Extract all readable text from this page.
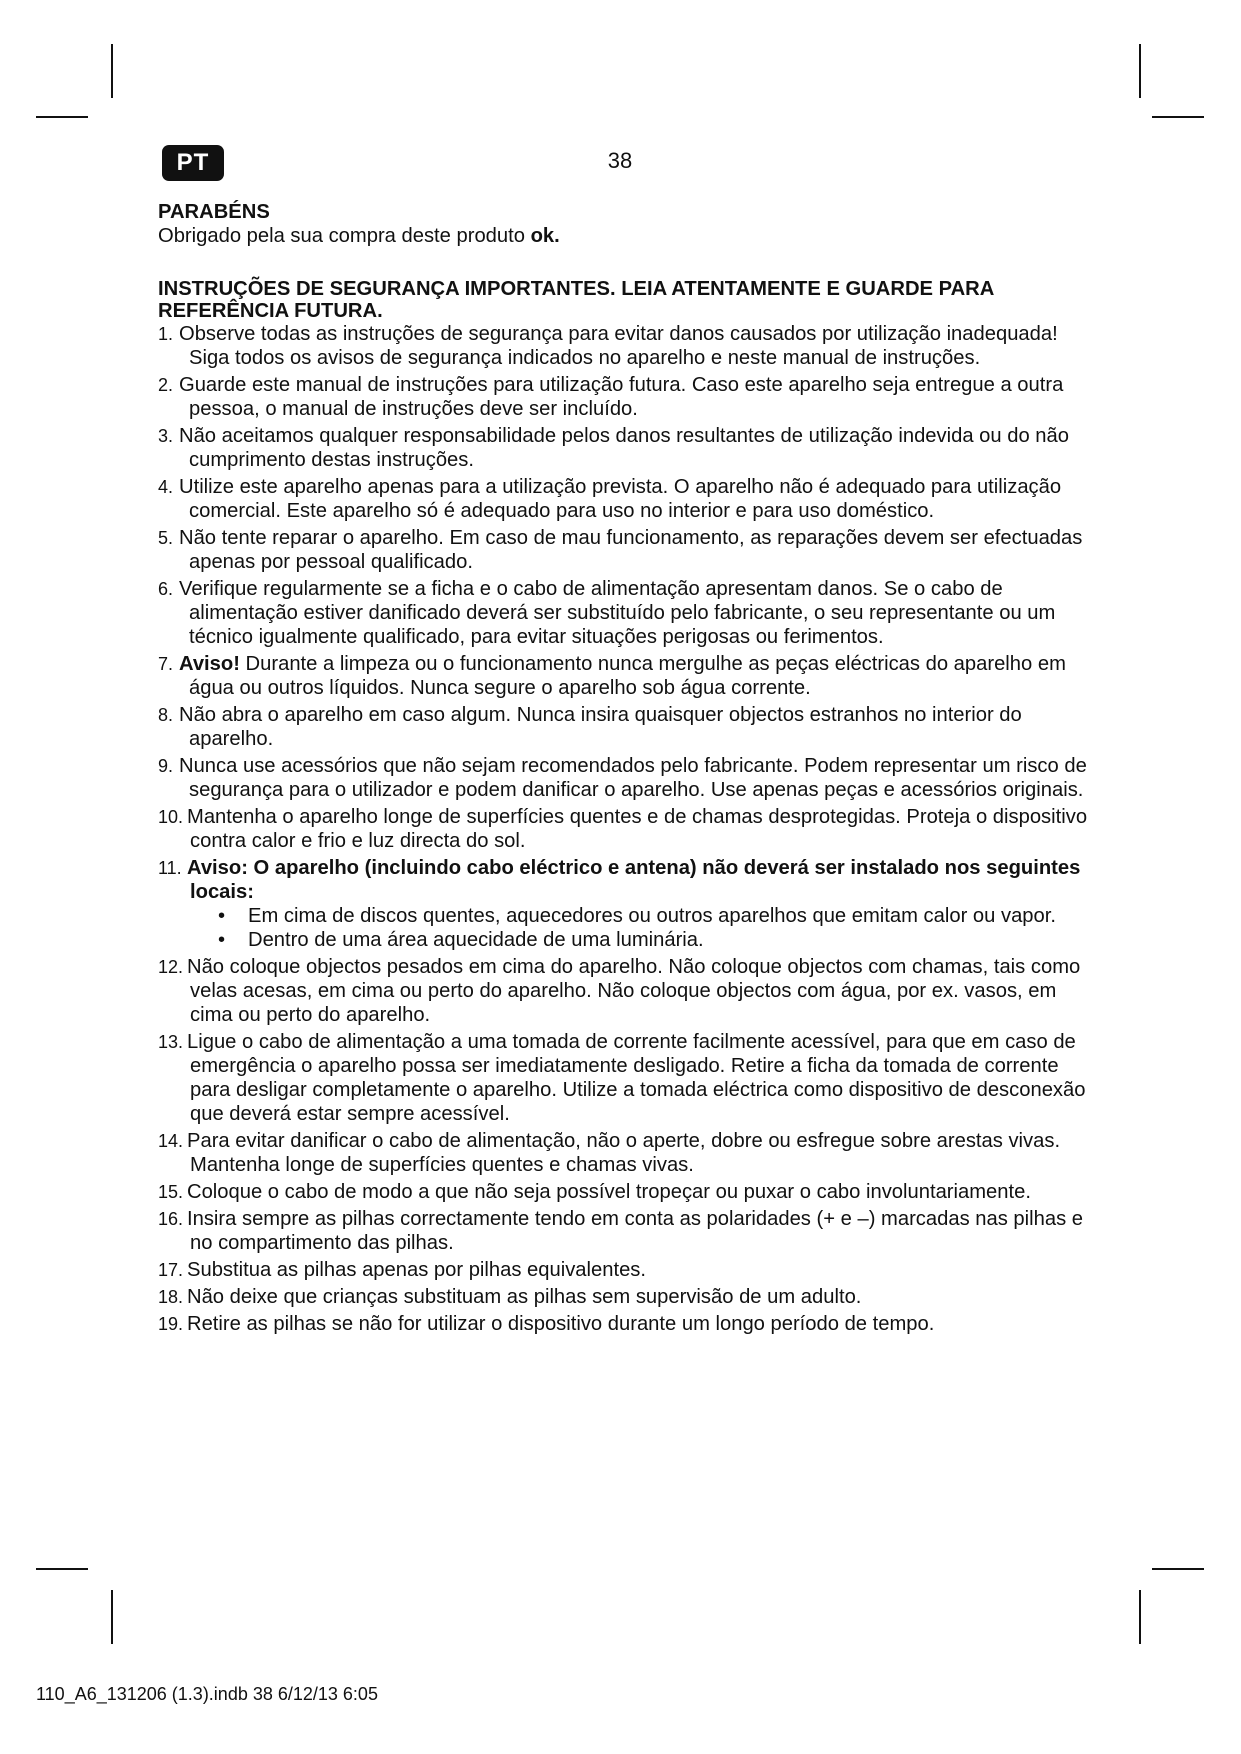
PT	38
PARABÉNS
Obrigado pela sua compra deste produto ok.
INSTRUÇÕES DE SEGURANÇA IMPORTANTES. LEIA ATENTAMENTE E GUARDE PARA REFERÊNCIA FUTURA.
1. Observe todas as instruções de segurança para evitar danos causados por utilização inadequada! Siga todos os avisos de segurança indicados no aparelho e neste manual de instruções.
2. Guarde este manual de instruções para utilização futura. Caso este aparelho seja entregue a outra pessoa, o manual de instruções deve ser incluído.
3. Não aceitamos qualquer responsabilidade pelos danos resultantes de utilização indevida ou do não cumprimento destas instruções.
4. Utilize este aparelho apenas para a utilização prevista. O aparelho não é adequado para utilização comercial. Este aparelho só é adequado para uso no interior e para uso doméstico.
5. Não tente reparar o aparelho. Em caso de mau funcionamento, as reparações devem ser efectuadas apenas por pessoal qualificado.
6. Verifique regularmente se a ficha e o cabo de alimentação apresentam danos. Se o cabo de alimentação estiver danificado deverá ser substituído pelo fabricante, o seu representante ou um técnico igualmente qualificado, para evitar situações perigosas ou ferimentos.
7. Aviso! Durante a limpeza ou o funcionamento nunca mergulhe as peças eléctricas do aparelho em água ou outros líquidos. Nunca segure o aparelho sob água corrente.
8. Não abra o aparelho em caso algum. Nunca insira quaisquer objectos estranhos no interior do aparelho.
9. Nunca use acessórios que não sejam recomendados pelo fabricante. Podem representar um risco de segurança para o utilizador e podem danificar o aparelho. Use apenas peças e acessórios originais.
10. Mantenha o aparelho longe de superfícies quentes e de chamas desprotegidas. Proteja o dispositivo contra calor e frio e luz directa do sol.
11. Aviso: O aparelho (incluindo cabo eléctrico e antena) não deverá ser instalado nos seguintes locais:
• Em cima de discos quentes, aquecedores ou outros aparelhos que emitam calor ou vapor.
• Dentro de uma área aquecidade de uma luminária.
12. Não coloque objectos pesados em cima do aparelho. Não coloque objectos com chamas, tais como velas acesas, em cima ou perto do aparelho. Não coloque objectos com água, por ex. vasos, em cima ou perto do aparelho.
13. Ligue o cabo de alimentação a uma tomada de corrente facilmente acessível, para que em caso de emergência o aparelho possa ser imediatamente desligado. Retire a ficha da tomada de corrente para desligar completamente o aparelho. Utilize a tomada eléctrica como dispositivo de desconexão que deverá estar sempre acessível.
14. Para evitar danificar o cabo de alimentação, não o aperte, dobre ou esfregue sobre arestas vivas. Mantenha longe de superfícies quentes e chamas vivas.
15. Coloque o cabo de modo a que não seja possível tropeçar ou puxar o cabo involuntariamente.
16. Insira sempre as pilhas correctamente tendo em conta as polaridades (+ e –) marcadas nas pilhas e no compartimento das pilhas.
17. Substitua as pilhas apenas por pilhas equivalentes.
18. Não deixe que crianças substituam as pilhas sem supervisão de um adulto.
19. Retire as pilhas se não for utilizar o dispositivo durante um longo período de tempo.
110_A6_131206 (1.3).indb 38 6/12/13 6:05
